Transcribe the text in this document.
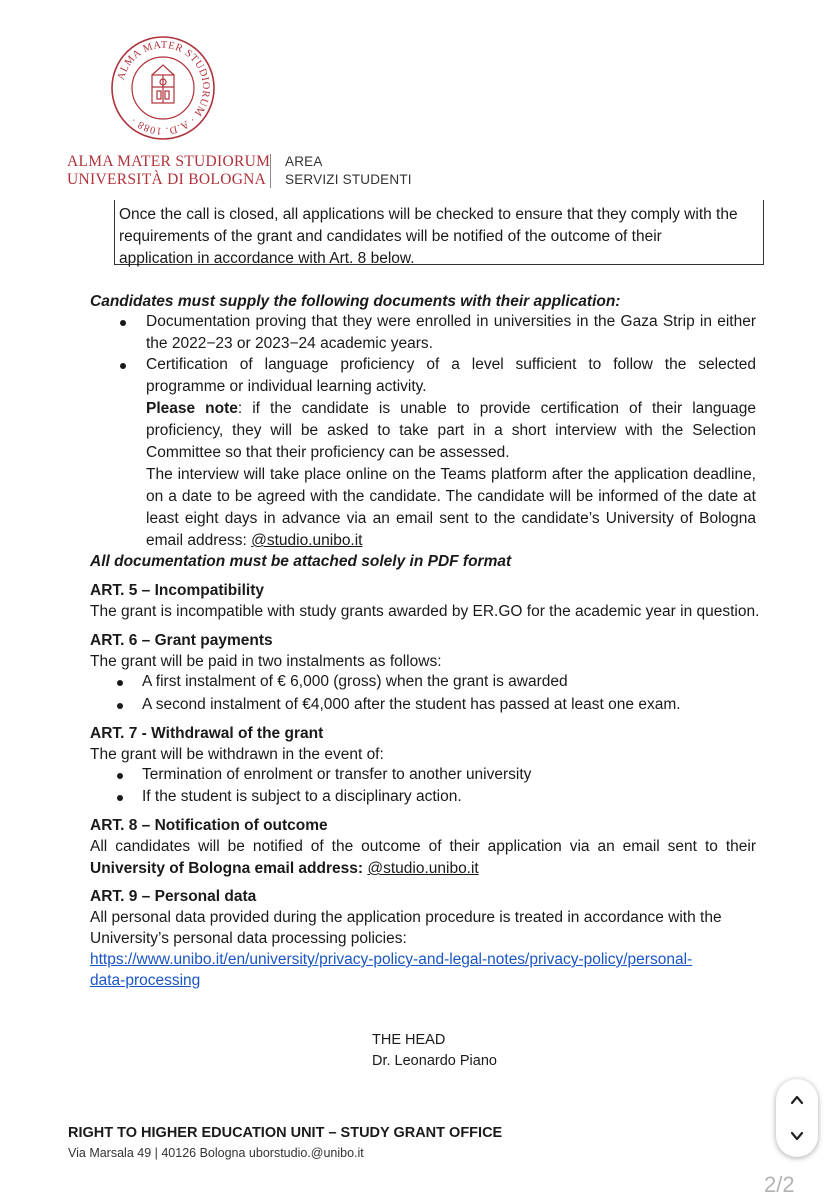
ALMA MATER STUDIORUM · A.D. 1088 ·
ALMA MATER STUDIORUM
UNIVERSITÀ DI BOLOGNA
AREA
SERVIZI STUDENTI
Once the call is closed, all applications will be checked to ensure that they comply with the
requirements of the grant and candidates will be notified of the outcome of their
application in accordance with Art. 8 below.
Candidates must supply the following documents with their application:
Documentation proving that they were enrolled in universities in the Gaza Strip in either
the 2022−23 or 2023−24 academic years.
Certification of language proficiency of a level sufficient to follow the selected
programme or individual learning activity.
Please note: if the candidate is unable to provide certification of their language
proficiency, they will be asked to take part in a short interview with the Selection
Committee so that their proficiency can be assessed.
The interview will take place online on the Teams platform after the application deadline,
on a date to be agreed with the candidate. The candidate will be informed of the date at
least eight days in advance via an email sent to the candidate’s University of Bologna
email address: @studio.unibo.it
All documentation must be attached solely in PDF format
ART. 5 – Incompatibility
The grant is incompatible with study grants awarded by ER.GO for the academic year in question.
ART. 6 – Grant payments
The grant will be paid in two instalments as follows:
A first instalment of € 6,000 (gross) when the grant is awarded
A second instalment of €4,000 after the student has passed at least one exam.
ART. 7 - Withdrawal of the grant
The grant will be withdrawn in the event of:
Termination of enrolment or transfer to another university
If the student is subject to a disciplinary action.
ART. 8 – Notification of outcome
All candidates will be notified of the outcome of their application via an email sent to their
University of Bologna email address: @studio.unibo.it
ART. 9 – Personal data
All personal data provided during the application procedure is treated in accordance with the
University’s personal data processing policies:
https://www.unibo.it/en/university/privacy-policy-and-legal-notes/privacy-policy/personal-
data-processing
THE HEAD
Dr. Leonardo Piano
RIGHT TO HIGHER EDUCATION UNIT – STUDY GRANT OFFICE
Via Marsala 49 | 40126 Bologna uborstudio.@unibo.it
2/2
